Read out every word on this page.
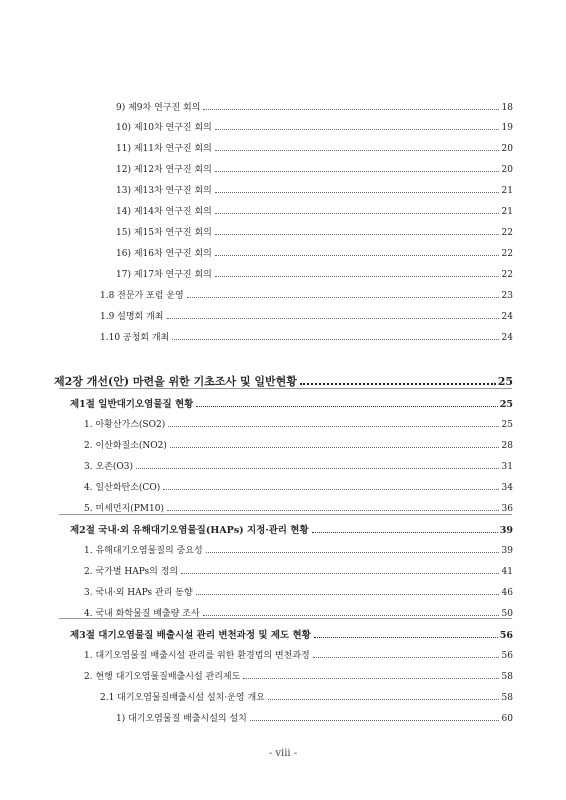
9) 제9차 연구진 회의	18
10) 제10차 연구진 회의	19
11) 제11차 연구진 회의	20
12) 제12차 연구진 회의	20
13) 제13차 연구진 회의	21
14) 제14차 연구진 회의	21
15) 제15차 연구진 회의	22
16) 제16차 연구진 회의	22
17) 제17차 연구진 회의	22
1.8 전문가 포럼 운영	23
1.9 설명회 개최	24
1.10 공청회 개최	24
제2장 개선(안) 마련을 위한 기초조사 및 일반현황	25
제1절 일반대기오염물질 현황	25
1. 아황산가스(SO2)	25
2. 이산화질소(NO2)	28
3. 오존(O3)	31
4. 일산화탄소(CO)	34
5. 미세먼지(PM10)	36
제2절 국내·외 유해대기오염물질(HAPs) 지정·관리 현황	39
1. 유해대기오염물질의 중요성	39
2. 국가별 HAPs의 정의	41
3. 국내·외 HAPs 관리 동향	46
4. 국내 화학물질 배출량 조사	50
제3절 대기오염물질 배출시설 관리 변천과정 및 제도 현황	56
1. 대기오염물질 배출시설 관리를 위한 환경법의 변천과정	56
2. 현행 대기오염물질배출시설 관리제도	58
2.1 대기오염물질배출시설 설치·운영 개요	58
1) 대기오염물질 배출시설의 설치	60
- viii -
